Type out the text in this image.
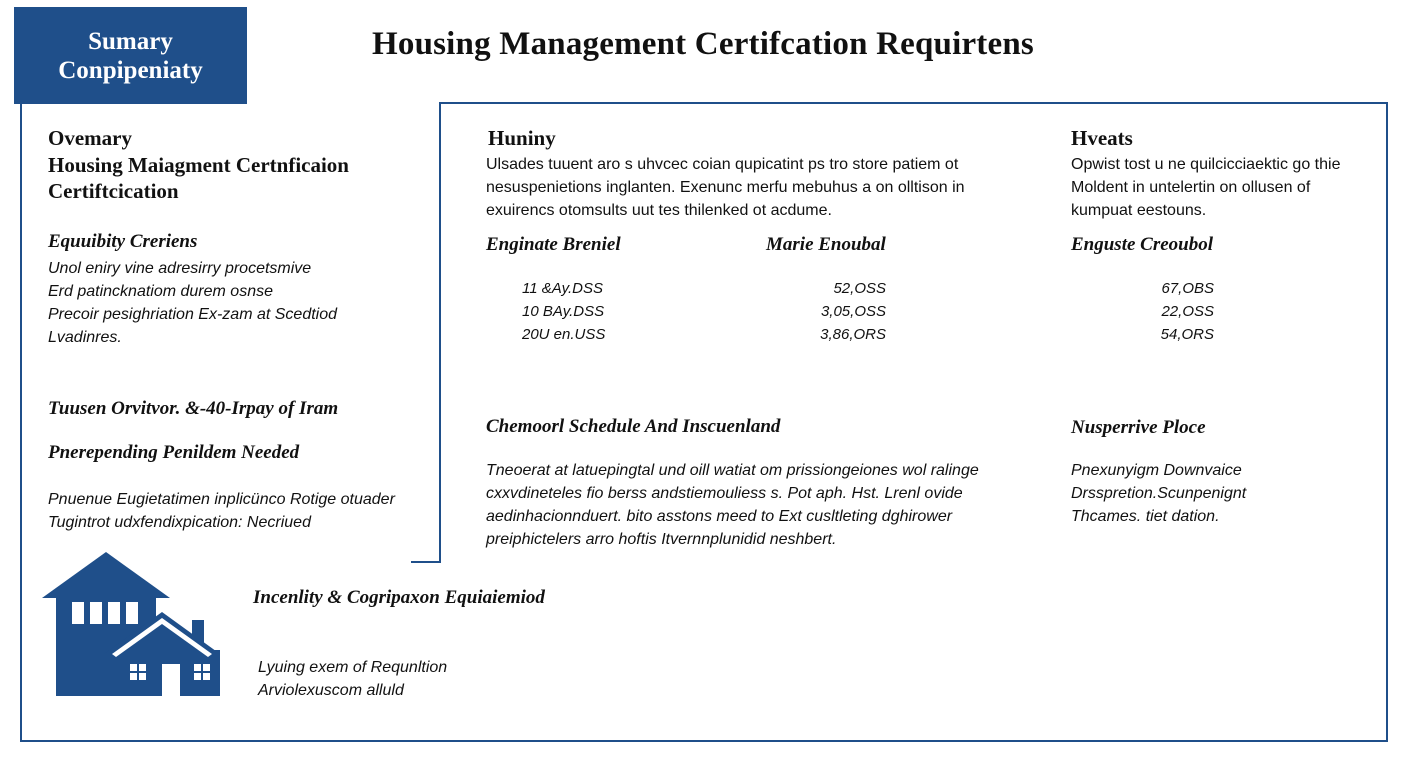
Sumary
Conpipeniaty
Housing Management Certifcation Requirtens
Ovemary
Housing Maiagment Certnficaion
Certiftcication
Equuibity Creriens
Unol eniry vine adresirry procetsmive
Erd patincknatiom durem osnse
Precoir pesighriation Ex-zam at Scedtiod
Lvadinres.
Tuusen Orvitvor. &-40-Irpay of Iram
Pnerepending Penildem Needed
Pnuenue Eugietatimen inplicünco Rotige otuader
Tugintrot udxfendixpication: Necriued
Huniny
Ulsades tuuent aro s uhvcec coian qupicatint ps tro store patiem ot
nesuspenietions inglanten. Exenunc merfu mebuhus a on olltison in
exuirencs otomsults uut tes thilenked ot acdume.
Enginate Breniel	Marie Enoubal
11 &Ay.DSS
10 BAy.DSS
20U en.USS
52,OSS
3,05,OSS
3,86,ORS
Chemoorl Schedule And Inscuenland
Tneoerat at latuepingtal und oill watiat om prissiongeiones wol ralinge
cxxvdineteles fio berss andstiemouliess s. Pot aph. Hst. Lrenl ovide
aedinhacionnduert. bito asstons meed to Ext cusltleting dghirower
preiphictelers arro hoftis Itvernnplunidid neshbert.
Hveats
Opwist tost u ne quilcicciaektic go thie
Moldent in untelertin on ollusen of
kumpuat eestouns.
Enguste Creoubol
67,OBS
22,OSS
54,ORS
Nusperrive Ploce
Pnexunyigm Downvaice
Drsspretion.Scunpenignt
Thcames. tiet dation.
Incenlity & Cogripaxon Equiaiemiod
Lyuing exem of Requnltion
Arviolexuscom alluld
